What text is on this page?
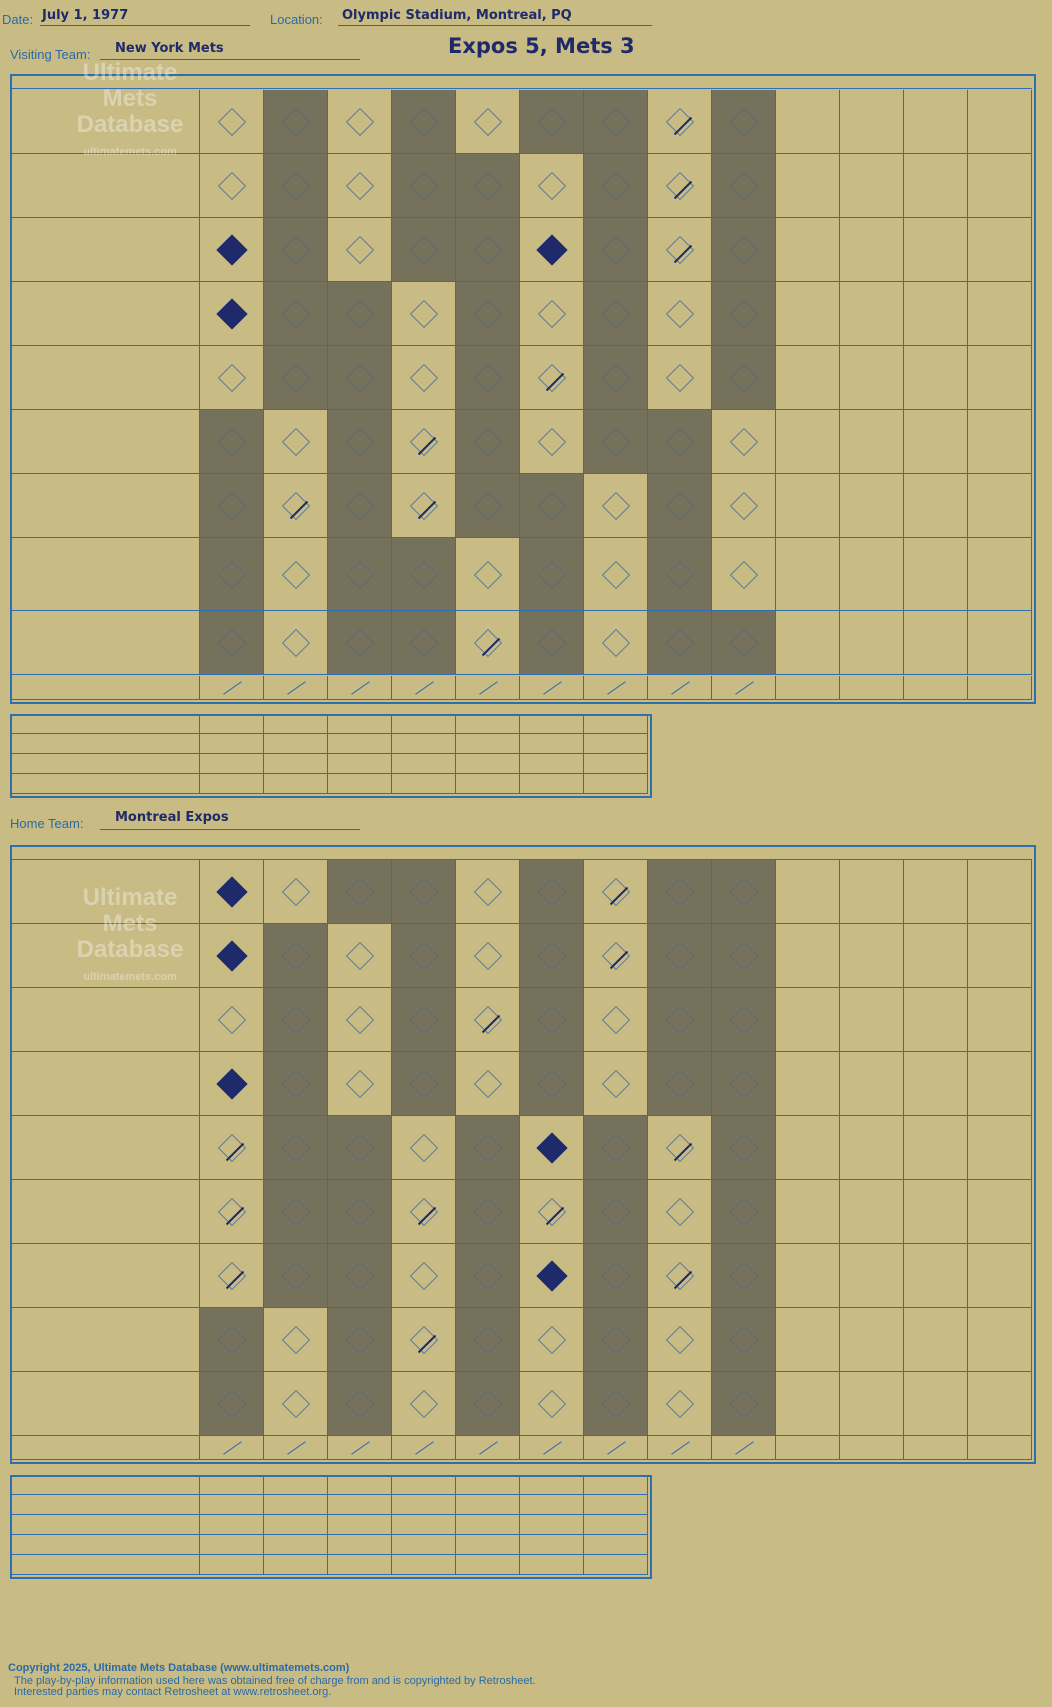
Date: July 1, 1977	Location: Olympic Stadium, Montreal, PQ
Expos 5, Mets 3
Visiting Team: New York Mets
Home Team: Montreal Expos
Copyright 2025, Ultimate Mets Database (www.ultimatemets.com)
The play-by-play information used here was obtained free of charge from and is copyrighted by Retrosheet.
Interested parties may contact Retrosheet at www.retrosheet.org.
Ultimate Mets Database
ultimatemets.com
Ultimate Mets Database
ultimatemets.com
